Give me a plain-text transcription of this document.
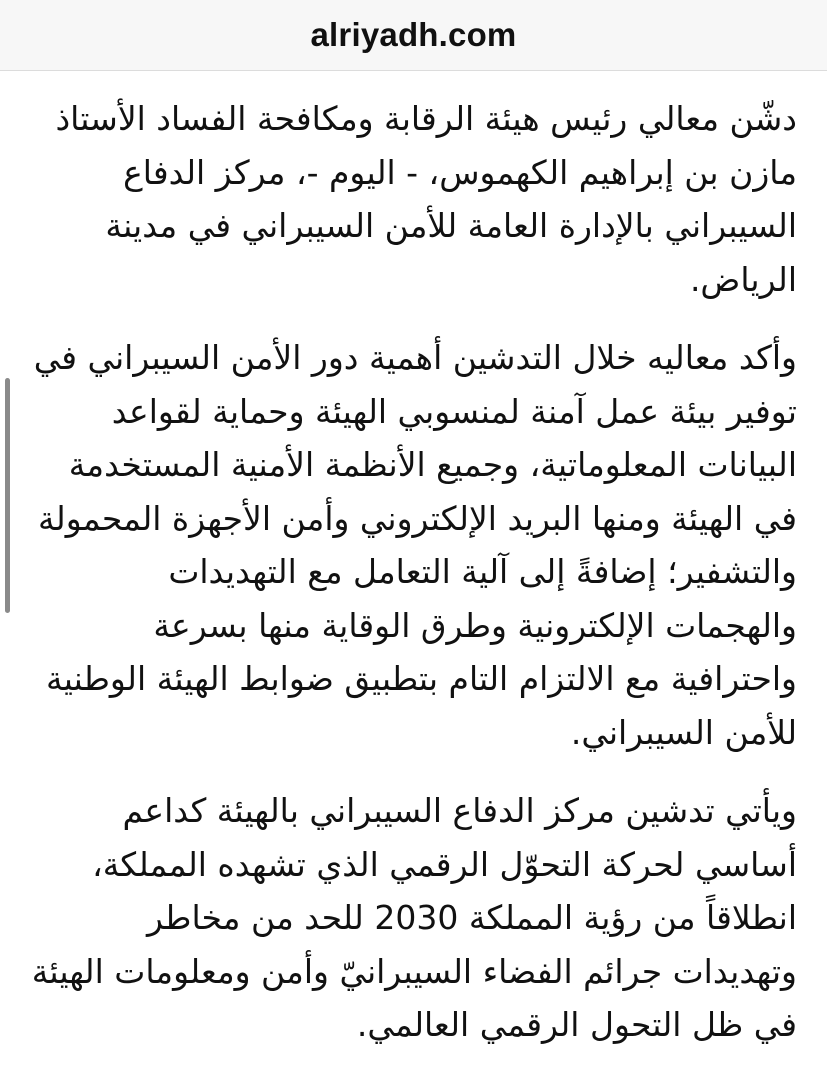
alriyadh.com

دشّن معالي رئيس هيئة الرقابة ومكافحة الفساد الأستاذ مازن بن إبراهيم الكهموس، - اليوم -، مركز الدفاع السيبراني بالإدارة العامة للأمن السيبراني في مدينة الرياض.

وأكد معاليه خلال التدشين أهمية دور الأمن السيبراني في توفير بيئة عمل آمنة لمنسوبي الهيئة وحماية لقواعد البيانات المعلوماتية، وجميع الأنظمة الأمنية المستخدمة في الهيئة ومنها البريد الإلكتروني وأمن الأجهزة المحمولة والتشفير؛ إضافةً إلى آلية التعامل مع التهديدات والهجمات الإلكترونية وطرق الوقاية منها بسرعة واحترافية مع الالتزام التام بتطبيق ضوابط الهيئة الوطنية للأمن السيبراني.

ويأتي تدشين مركز الدفاع السيبراني بالهيئة كداعم أساسي لحركة التحوّل الرقمي الذي تشهده المملكة، انطلاقاً من رؤية المملكة 2030 للحد من مخاطر وتهديدات جرائم الفضاء السيبرانيّ وأمن ومعلومات الهيئة في ظل التحول الرقمي العالمي.
